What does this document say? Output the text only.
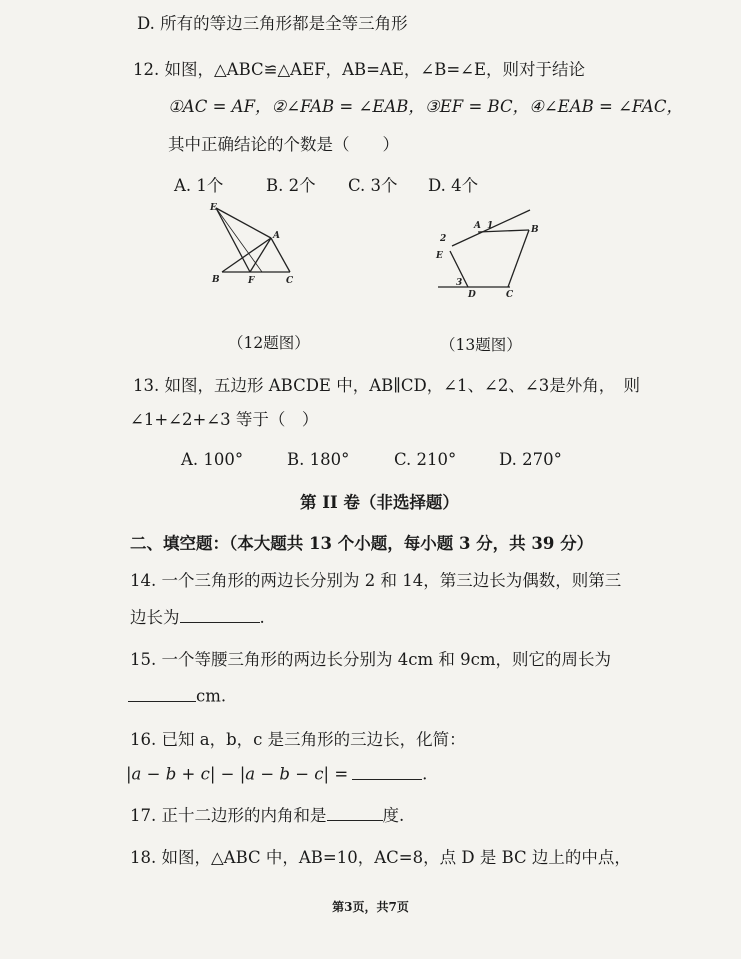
D. 所有的等边三角形都是全等三角形
12. 如图，△ABC≌△AEF，AB=AE，∠B=∠E，则对于结论
①AC = AF，②∠FAB = ∠EAB，③EF = BC，④∠EAB = ∠FAC，
其中正确结论的个数是（　　）
A. 1个	B. 2个 C. 3个 D. 4个
E
A
B	F	C
A	B
C
D
E
1
2
3
（12题图）	（13题图）
13. 如图，五边形 ABCDE 中，AB∥CD，∠1、∠2、∠3是外角，　则
∠1+∠2+∠3 等于（　）
A. 100°	B. 180°	C. 210°	D. 270°
第 II 卷（非选择题）
二、填空题：（本大题共 13 个小题，每小题 3 分，共 39 分）
14. 一个三角形的两边长分别为 2 和 14，第三边长为偶数，则第三
边长为	.
15. 一个等腰三角形的两边长分别为 4cm 和 9cm，则它的周长为
cm.
16. 已知 a，b，c 是三角形的三边长，化简：
|a − b + c| − |a − b − c| =	.
17. 正十二边形的内角和是	度.
18. 如图，△ABC 中，AB=10，AC=8，点 D 是 BC 边上的中点，
第3页，共7页
